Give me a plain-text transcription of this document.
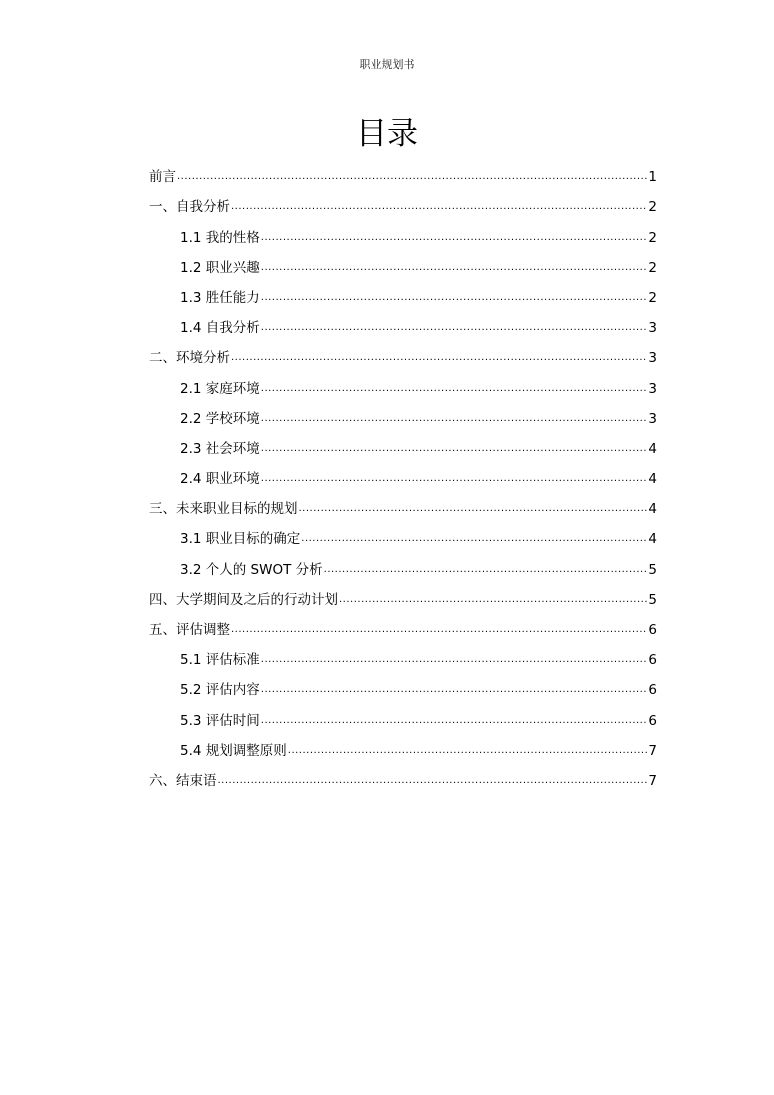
职业规划书
目录
前言 .....	1
一、自我分析 .....	2
1.1 我的性格 .....	2
1.2 职业兴趣 .....	2
1.3 胜任能力 .....	2
1.4 自我分析 .....	3
二、环境分析 .....	3
2.1 家庭环境 .....	3
2.2 学校环境 .....	3
2.3 社会环境 .....	4
2.4 职业环境 .....	4
三、未来职业目标的规划 .....	4
3.1 职业目标的确定 .....	4
3.2 个人的 SWOT 分析 .....	5
四、大学期间及之后的行动计划 .....	5
五、评估调整 .....	6
5.1 评估标准 .....	6
5.2 评估内容 .....	6
5.3 评估时间 .....	6
5.4 规划调整原则 .....	7
六、结束语 .....	7
